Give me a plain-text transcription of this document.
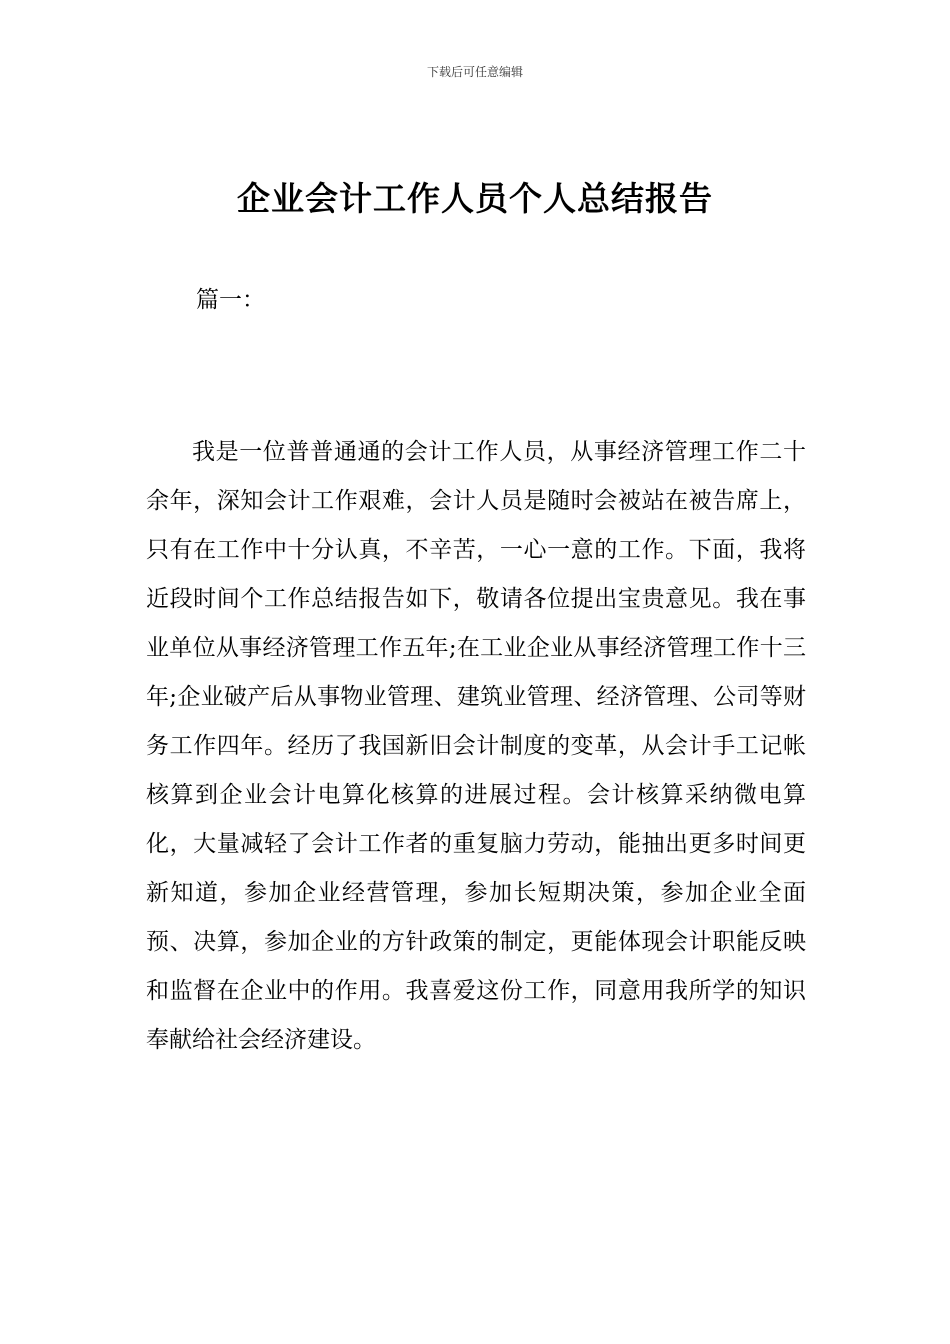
下载后可任意编辑
企业会计工作人员个人总结报告
篇一：

我是一位普普通通的会计工作人员，从事经济管理工作二十余年，深知会计工作艰难，会计人员是随时会被站在被告席上，只有在工作中十分认真，不辛苦，一心一意的工作。下面，我将近段时间个工作总结报告如下，敬请各位提出宝贵意见。我在事业单位从事经济管理工作五年;在工业企业从事经济管理工作十三年;企业破产后从事物业管理、建筑业管理、经济管理、公司等财务工作四年。经历了我国新旧会计制度的变革，从会计手工记帐核算到企业会计电算化核算的进展过程。会计核算采纳微电算化，大量减轻了会计工作者的重复脑力劳动，能抽出更多时间更新知道，参加企业经营管理，参加长短期决策，参加企业全面预、决算，参加企业的方针政策的制定，更能体现会计职能反映和监督在企业中的作用。我喜爱这份工作，同意用我所学的知识奉献给社会经济建设。
